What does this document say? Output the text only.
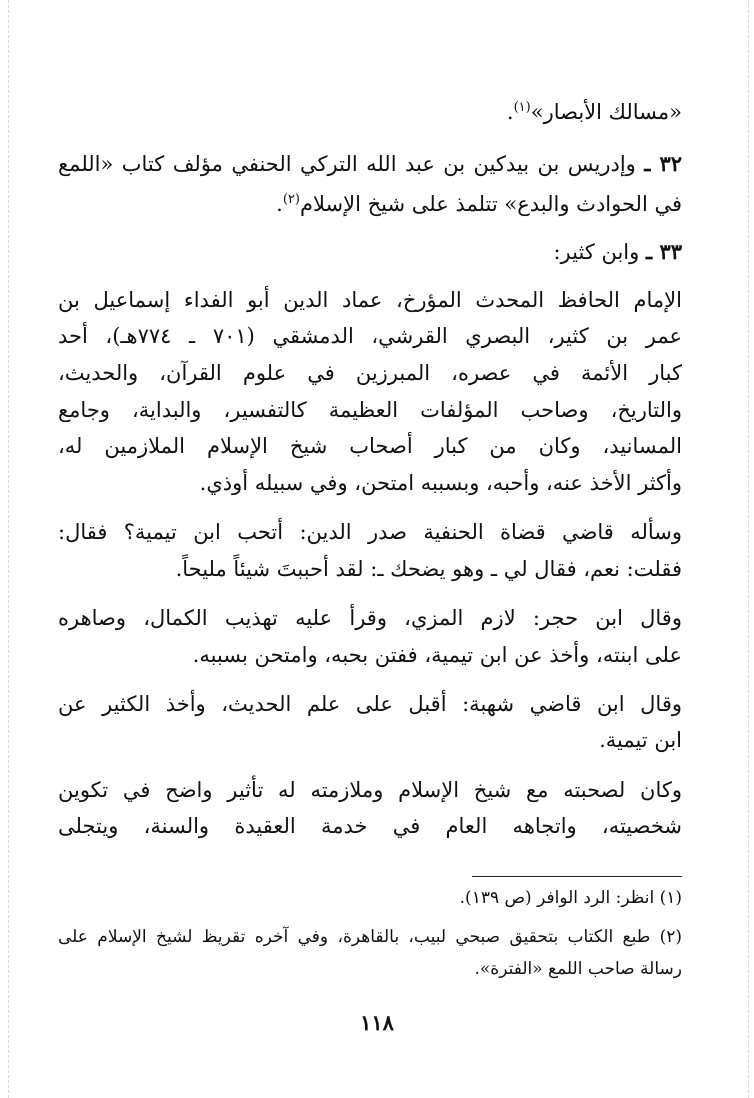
«مسالك الأبصار»$^{(١)}$.
٣٢ ـ وإدريس بن بيدكين بن عبد الله التركي الحنفي مؤلف كتاب «اللمع
في الحوادث والبدع» تتلمذ على شيخ الإسلام$^{(٢)}$.
٣٣ ـ وابن كثير:
الإمام الحافظ المحدث المؤرخ، عماد الدين أبو الفداء إسماعيل بن
عمر بن كثير، البصري القرشي، الدمشقي (٧٠١ ـ ٧٧٤هـ)، أحد
كبار الأئمة في عصره، المبرزين في علوم القرآن، والحديث،
والتاريخ، وصاحب المؤلفات العظيمة كالتفسير، والبداية، وجامع
المسانيد، وكان من كبار أصحاب شيخ الإسلام الملازمين له،
وأكثر الأخذ عنه، وأحبه، وبسببه امتحن، وفي سبيله أوذي.
وسأله قاضي قضاة الحنفية صدر الدين: أتحب ابن تيمية؟ فقال:
فقلت: نعم، فقال لي ـ وهو يضحك ـ: لقد أحببتَ شيئاً مليحاً.
وقال ابن حجر: لازم المزي، وقرأ عليه تهذيب الكمال، وصاهره
على ابنته، وأخذ عن ابن تيمية، ففتن بحبه، وامتحن بسببه.
وقال ابن قاضي شهبة: أقبل على علم الحديث، وأخذ الكثير عن
ابن تيمية.
وكان لصحبته مع شيخ الإسلام وملازمته له تأثير واضح في تكوين
شخصيته، واتجاهه العام في خدمة العقيدة والسنة، ويتجلى
(١) انظر: الرد الوافر (ص ١٣٩).
(٢) طبع الكتاب بتحقيق صبحي لبيب، بالقاهرة، وفي آخره تقريظ لشيخ الإسلام على
رسالة صاحب اللمع «الفترة».
١١٨
